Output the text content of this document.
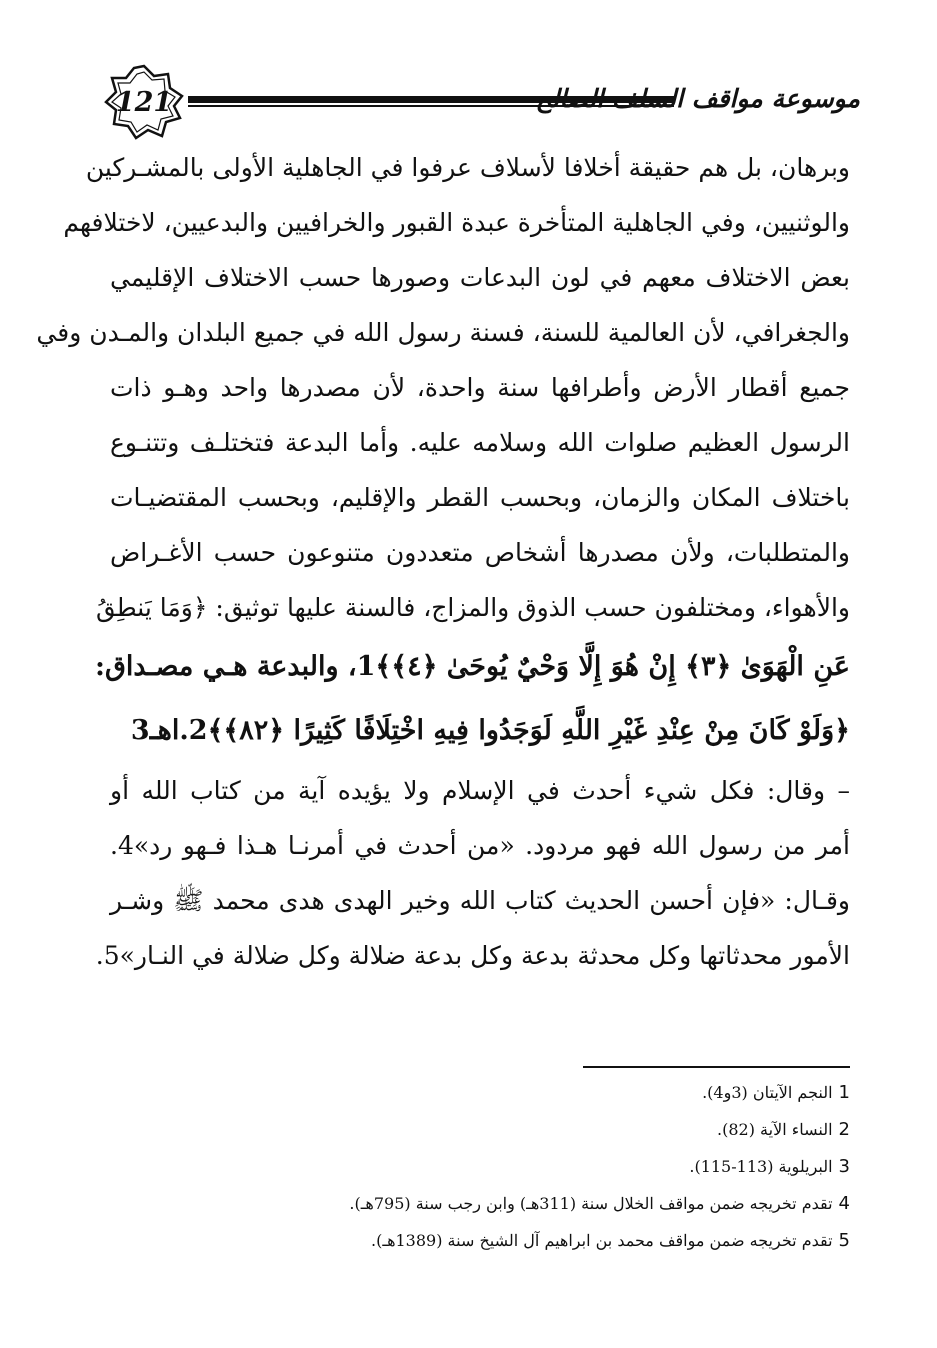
121	موسوعة مواقف السلف الصالح
وبرهان، بل هم حقيقة أخلافا لأسلاف عرفوا في الجاهلية الأولى بالمشـركين
والوثنيين، وفي الجاهلية المتأخرة عبدة القبور والخرافيين والبدعيين، لاختلافهم
بعض الاختلاف معهم في لون البدعات وصورها حسب الاختلاف الإقليمي
والجغرافي، لأن العالمية للسنة، فسنة رسول الله في جميع البلدان والمـدن وفي
جميع أقطار الأرض وأطرافها سنة واحدة، لأن مصدرها واحد وهـو ذات
الرسول العظيم صلوات الله وسلامه عليه. وأما البدعة فتختلـف وتتنـوع
باختلاف المكان والزمان، وبحسب القطر والإقليم، وبحسب المقتضيـات
والمتطلبات، ولأن مصدرها أشخاص متعددون متنوعون حسب الأغـراض
والأهواء، ومختلفون حسب الذوق والمزاج، فالسنة عليها توثيق: ﴿وَمَا يَنطِقُ
عَنِ الْهَوَىٰ ﴿٣﴾ إِنْ هُوَ إِلَّا وَحْيٌ يُوحَىٰ ﴿٤﴾﴾1، والبدعة هـي مصـداق:
﴿وَلَوْ كَانَ مِنْ عِنْدِ غَيْرِ اللَّهِ لَوَجَدُوا فِيهِ اخْتِلَافًا كَثِيرًا ﴿٨٢﴾﴾2.اهـ3
– وقال: فكل شيء أحدث في الإسلام ولا يؤيده آية من كتاب الله أو
أمر من رسول الله فهو مردود. «من أحدث في أمرنـا هـذا فـهو رد»4.
وقـال: «فإن أحسن الحديث كتاب الله وخير الهدى هدى محمد ﷺ وشـر
الأمور محدثاتها وكل محدثة بدعة وكل بدعة ضلالة وكل ضلالة في النـار»5.
1النجم الآيتان (3و4).
2النساء الآية (82).
3البريلوية (113-115).
4تقدم تخريجه ضمن مواقف الخلال سنة (311هـ) وابن رجب سنة (795هـ).
5تقدم تخريجه ضمن مواقف محمد بن ابراهيم آل الشيخ سنة (1389هـ).
